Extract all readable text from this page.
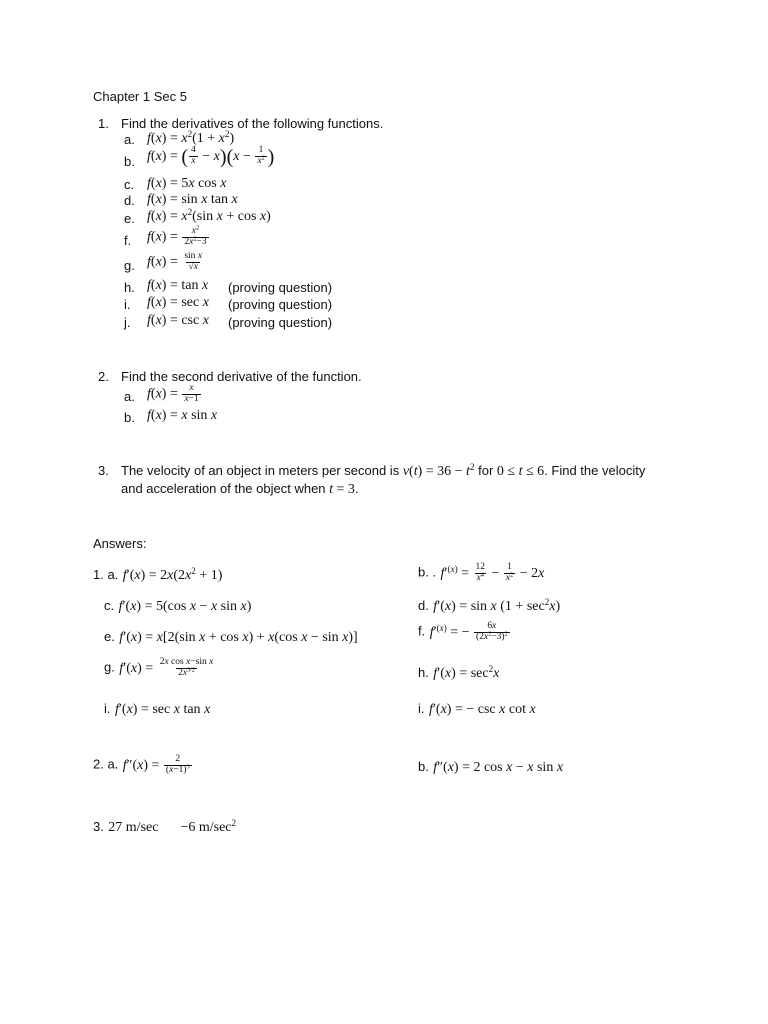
Chapter 1 Sec 5
1. Find the derivatives of the following functions.
a. $f(x) = x^2(1 + x^2)$
b. f(x) = ( $\frac{4}{x} - x)(x - \frac{1}{x^2}$ )
c. f(x) = 5x cos x
d. f(x) = sin x tan x
e. $f(x) = x^2(\sin$ x + cos x)
f. $f(x) = \frac{x^2}{2x^2-3}$
g. $f(x) = \frac{\text{sin x}}{√x}$
h. f(x) = tan x (proving question)
i. f(x) = sec x (proving question)
j. f(x) = csc x (proving question)
2. Find the second derivative of the function.
a. $f(x) = \frac{x}{x-1}$
b. f(x) = x sin x
3. The velocity of an object in meters per second is $v(t) = 36 - t^2$ for 0 ≤ t ≤ 6. Find the velocity
and acceleration of the object when t = 3.
Answers:
1. a. $f'(x) = 2x(2x^2 + 1)$	b. . $f'^{(x)} = \frac{12}{x^4} - \frac{1}{x^2} - 2x$
c. f′(x) = 5(cos x − x sin x)	d. f′(x) = sin x $(1 + \sec^2x)$
e. f′(x) = x[2(sin x + cos x) + x(cos x − sin x)]	f. $f'^{(x)}$ = − $\frac{6x}{(2x^2-3)^2}$
g. $f'(x) = \frac{\text{2x cos x−sin x}}{2x^{3/2}}$	h. $f'(x) = \sec^2x$
i. f′(x) = sec x tan x	i. f′(x) = − csc x cot x
2. a. $f''(x) = \frac{2}{(x-1)^3}$	b. f″(x) = 2 cos x − x sin x
3. 27 m/sec −6 $m/\sec^2$
